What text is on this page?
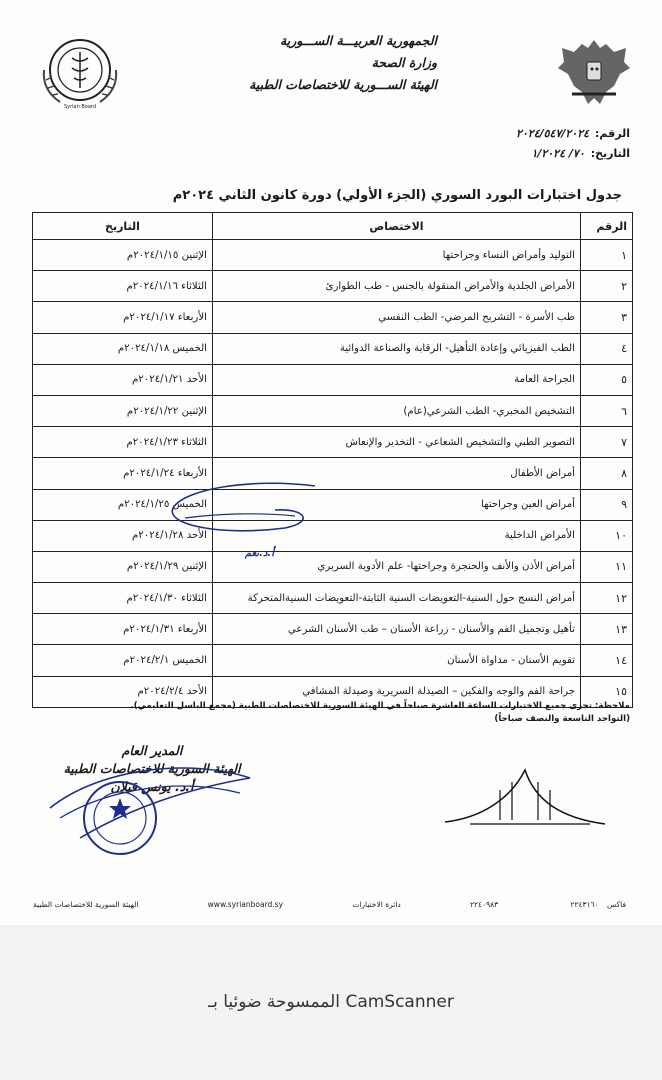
Syrian Board
الجمهورية العربيـــة الســـورية
وزارة الصحة
الهيئة الســـورية للاختصاصات الطبية
الرقم:
٢٠٢٤/٥٤٧/٢٠٢٤
التاريخ:
٧٠/ ١/٢٠٢٤
جدول اختبارات البورد السوري (الجزء الأولي) دورة كانون الثاني ٢٠٢٤م
الرقم	الاختصاص	التاريخ
١	التوليد وأمراض النساء وجراحتها	الإثنين ٢٠٢٤/١/١٥م
٢	الأمراض الجلدية والأمراض المنقولة بالجنس - طب الطوارئ	الثلاثاء ٢٠٢٤/١/١٦م
٣	طب الأسرة - التشريح المرضي- الطب النفسي	الأربعاء ٢٠٢٤/١/١٧م
٤	الطب الفيزيائي وإعادة التأهيل- الرقابة والصناعة الدوائية	الخميس ٢٠٢٤/١/١٨م
٥	الجراحة العامة	الأحد ٢٠٢٤/١/٢١م
٦	التشخيص المخبري- الطب الشرعي(عام)	الإثنين ٢٠٢٤/١/٢٢م
٧	التصوير الطبي والتشخيص الشعاعي - التخدير والإنعاش	الثلاثاء ٢٠٢٤/١/٢٣م
٨	أمراض الأطفال	الأربعاء ٢٠٢٤/١/٢٤م
٩	أمراض العين وجراحتها	الخميس ٢٠٢٤/١/٢٥م
١٠	الأمراض الداخلية	الأحد ٢٠٢٤/١/٢٨م
١١	أمراض الأذن والأنف والحنجرة وجراحتها- علم الأدوية السريري	الإثنين ٢٠٢٤/١/٢٩م
١٢	أمراض النسج حول السنية-التعويضات السنية الثابتة-التعويضات السنيةالمتحركة	الثلاثاء ٢٠٢٤/١/٣٠م
١٣	تأهيل وتجميل الفم والأسنان - زراعة الأسنان – طب الأسنان الشرعي	الأربعاء ٢٠٢٤/١/٣١م
١٤	تقويم الأسنان - مداواة الأسنان	الخميس ٢٠٢٤/٢/١م
١٥	جراحة الفم والوجه والفكين – الصيدلة السريرية وصيدلة المشافي	الأحد ٢٠٢٤/٢/٤م
أ.د.نعم
ملاحظة: تجرى جميع الاختبارات الساعة العاشرة صباحاً في الهيئة السورية للاختصاصات الطبية (مجمع الباسل التعليمي).
(التواجد التاسعة والنصف صباحاً)
المدير العام
الهيئة السورية للاختصاصات الطبية
أ.د. يونس قبلان
فاكس ٢٢٤٣١٦٠
٢٢٤٠٩٨٣
دائرة الاختبارات
www.syrianboard.sy
الهيئة السورية للاختصاصات الطبية
الممسوحة ضوئيا بـ CamScanner
